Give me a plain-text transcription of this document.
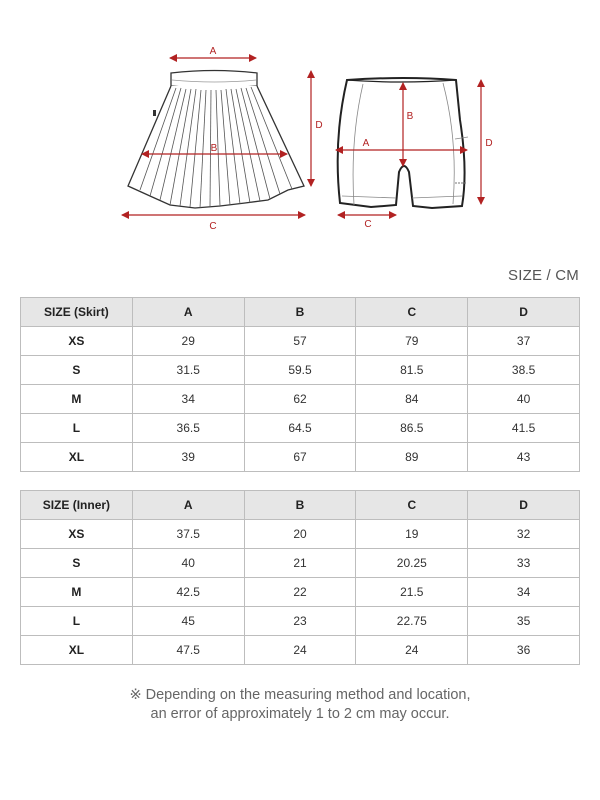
A
B
C
D
A
B
C
D
SIZE / CM
SIZE (Skirt)	A	B	C	D
XS	29	57	79	37
S	31.5	59.5	81.5	38.5
M	34	62	84	40
L	36.5	64.5	86.5	41.5
XL	39	67	89	43
SIZE (Inner)	A	B	C	D
XS	37.5	20	19	32
S	40	21	20.25	33
M	42.5	22	21.5	34
L	45	23	22.75	35
XL	47.5	24	24	36
※ Depending on the measuring method and location,
an error of approximately 1 to 2 cm may occur.
